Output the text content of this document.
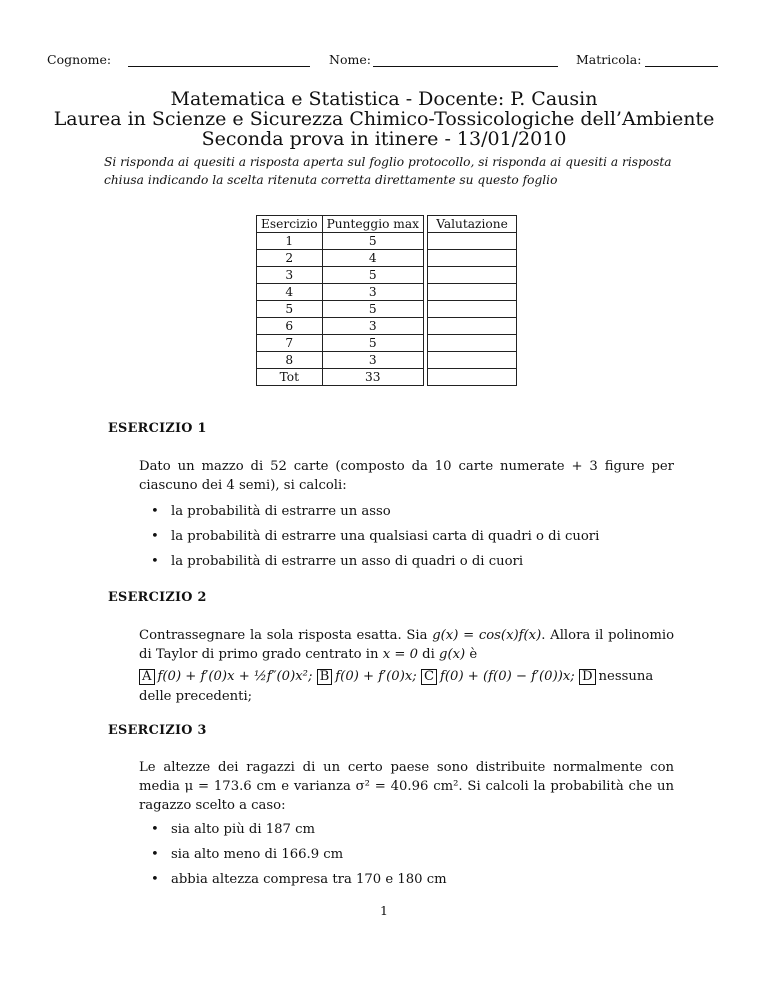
Cognome:	Nome:	Matricola:
Matematica e Statistica - Docente: P. Causin
Laurea in Scienze e Sicurezza Chimico-Tossicologiche dell’Ambiente
Seconda prova in itinere - 13/01/2010
Si risponda ai quesiti a risposta aperta sul foglio protocollo, si risponda ai quesiti a risposta chiusa indicando la scelta ritenuta corretta direttamente su questo foglio
Esercizio	Punteggio max		Valutazione
1	5		
2	4		
3	5		
4	3		
5	5		
6	3		
7	5		
8	3		
Tot	33		
ESERCIZIO 1
Dato un mazzo di 52 carte (composto da 10 carte numerate + 3 figure per ciascuno dei 4 semi), si calcoli:
• la probabilità di estrarre un asso
• la probabilità di estrarre una qualsiasi carta di quadri o di cuori
• la probabilità di estrarre un asso di quadri o di cuori
ESERCIZIO 2
Contrassegnare la sola risposta esatta. Sia g(x) = cos(x)f(x). Allora il polinomio di Taylor di primo grado centrato in x = 0 di g(x) è
A f(0) + f′(0)x + ½f″(0)x²; B f(0) + f′(0)x; C f(0) + (f(0) − f′(0))x; D nessuna
delle precedenti;
ESERCIZIO 3
Le altezze dei ragazzi di un certo paese sono distribuite normalmente con media μ = 173.6 cm e varianza σ² = 40.96 cm². Si calcoli la probabilità che un ragazzo scelto a caso:
• sia alto più di 187 cm
• sia alto meno di 166.9 cm
• abbia altezza compresa tra 170 e 180 cm
1
